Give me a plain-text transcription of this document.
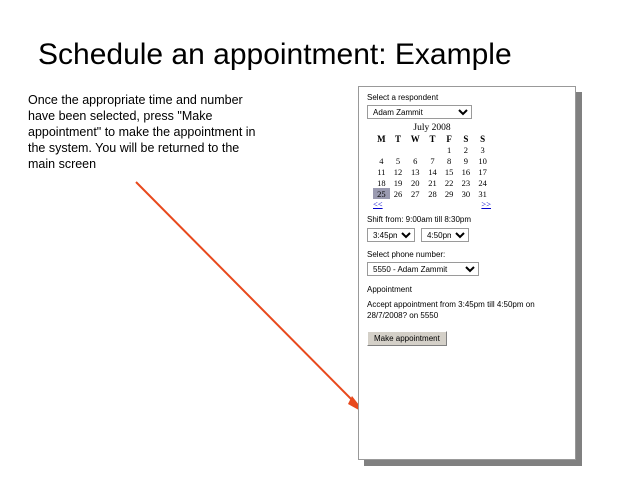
Schedule an appointment: Example
Once the appropriate time and number have been selected, press "Make appointment" to make the appointment in the system. You will be returned to the main screen
Select a respondent
Adam Zammit
July 2008
M	T	W	T	F	S	S
				1	2	3
4	5	6	7	8	9	10
11	12	13	14	15	16	17
18	19	20	21	22	23	24
25	26	27	28	29	30	31
<<	>>
Shift from: 9:00am till 8:30pm
3:45pm
4:50pm
Select phone number:
5550 - Adam Zammit
Appointment
Accept appointment from 3:45pm till 4:50pm on 28/7/2008? on 5550
Make appointment
